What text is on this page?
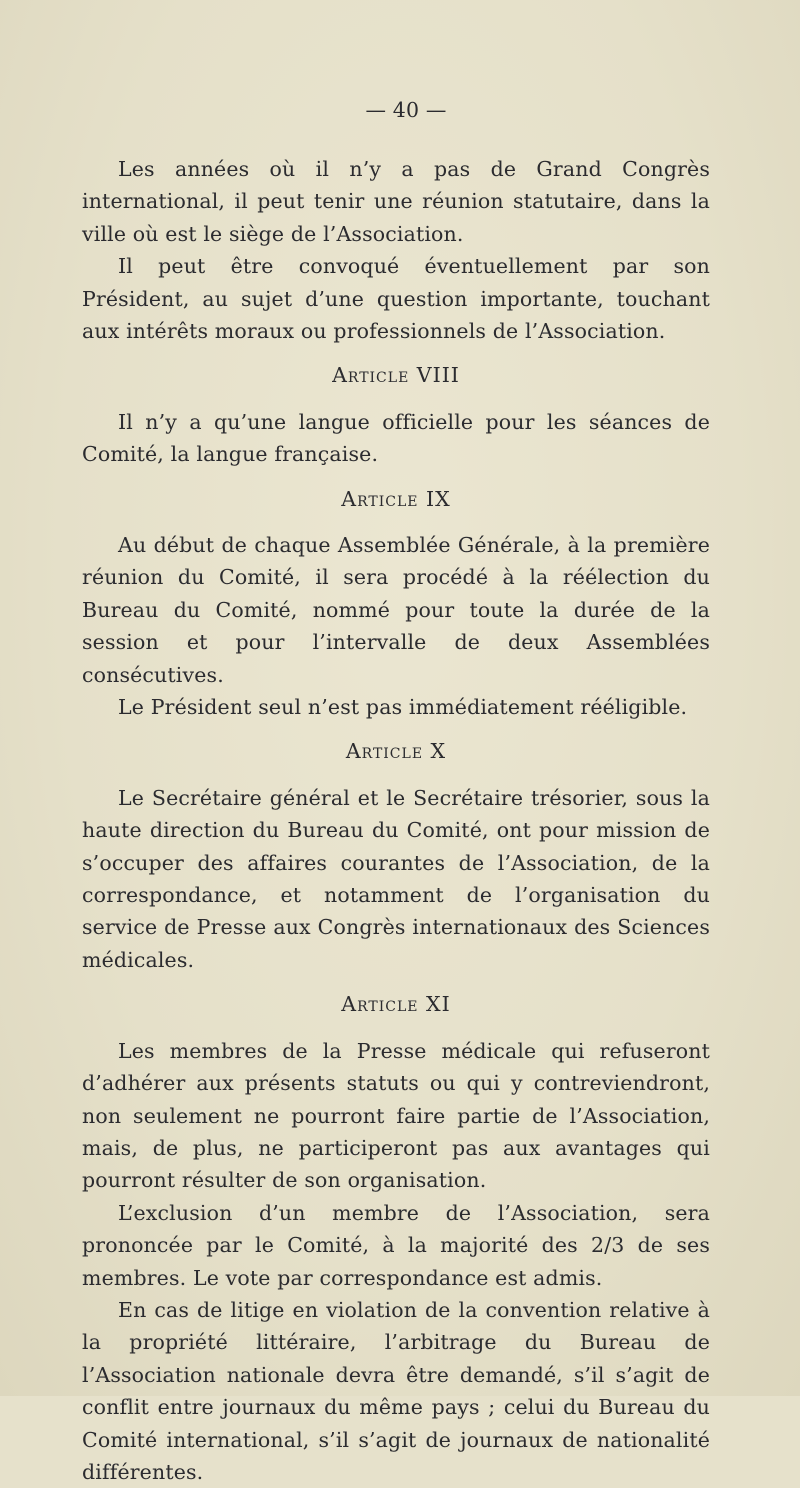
— 40 —

Les années où il n’y a pas de Grand Congrès international, il peut tenir une réunion statutaire, dans la ville où est le siège de l’Association.

Il peut être convoqué éventuellement par son Président, au sujet d’une question importante, touchant aux intérêts moraux ou professionnels de l’Association.

Article VIII

Il n’y a qu’une langue officielle pour les séances de Comité, la langue française.

Article IX

Au début de chaque Assemblée Générale, à la première réunion du Comité, il sera procédé à la réélection du Bureau du Comité, nommé pour toute la durée de la session et pour l’intervalle de deux Assemblées consécutives.

Le Président seul n’est pas immédiatement rééligible.

Article X

Le Secrétaire général et le Secrétaire trésorier, sous la haute direction du Bureau du Comité, ont pour mission de s’occuper des affaires courantes de l’Association, de la correspondance, et notamment de l’organisation du service de Presse aux Congrès internationaux des Sciences médicales.

Article XI

Les membres de la Presse médicale qui refuseront d’adhérer aux présents statuts ou qui y contreviendront, non seulement ne pourront faire partie de l’Association, mais, de plus, ne participeront pas aux avantages qui pourront résulter de son organisation.

L’exclusion d’un membre de l’Association, sera prononcée par le Comité, à la majorité des 2/3 de ses membres. Le vote par correspondance est admis.

En cas de litige en violation de la convention relative à la propriété littéraire, l’arbitrage du Bureau de l’Association nationale devra être demandé, s’il s’agit de conflit entre journaux du même pays ; celui du Bureau du Comité international, s’il s’agit de journaux de nationalité différentes.
